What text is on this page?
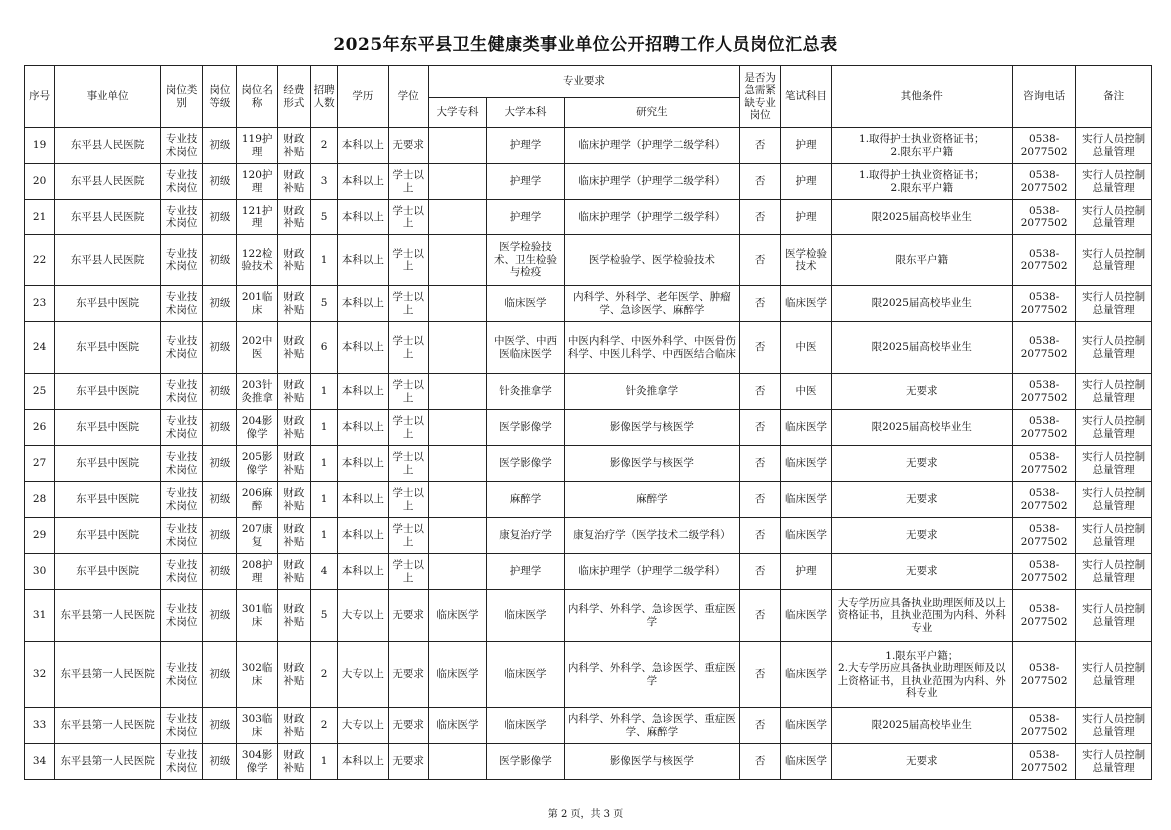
2025年东平县卫生健康类事业单位公开招聘工作人员岗位汇总表
序号	事业单位	岗位类别	岗位等级	岗位名称	经费形式	招聘人数	学历	学位	专业要求			是否为急需紧缺专业岗位	笔试科目	其他条件	咨询电话	备注
									大学专科	大学本科	研究生					
19	东平县人民医院	专业技术岗位	初级	119护理	财政补贴	2	本科以上	无要求		护理学	临床护理学（护理学二级学科）	否	护理	1.取得护士执业资格证书；
2.限东平户籍	0538-2077502	实行人员控制总量管理
20	东平县人民医院	专业技术岗位	初级	120护理	财政补贴	3	本科以上	学士以上		护理学	临床护理学（护理学二级学科）	否	护理	1.取得护士执业资格证书；
2.限东平户籍	0538-2077502	实行人员控制总量管理
21	东平县人民医院	专业技术岗位	初级	121护理	财政补贴	5	本科以上	学士以上		护理学	临床护理学（护理学二级学科）	否	护理	限2025届高校毕业生	0538-2077502	实行人员控制总量管理
22	东平县人民医院	专业技术岗位	初级	122检验技术	财政补贴	1	本科以上	学士以上		医学检验技术、卫生检验与检疫	医学检验学、医学检验技术	否	医学检验技术	限东平户籍	0538-2077502	实行人员控制总量管理
23	东平县中医院	专业技术岗位	初级	201临床	财政补贴	5	本科以上	学士以上		临床医学	内科学、外科学、老年医学、肿瘤学、急诊医学、麻醉学	否	临床医学	限2025届高校毕业生	0538-2077502	实行人员控制总量管理
24	东平县中医院	专业技术岗位	初级	202中医	财政补贴	6	本科以上	学士以上		中医学、中西医临床医学	中医内科学、中医外科学、中医骨伤科学、中医儿科学、中西医结合临床	否	中医	限2025届高校毕业生	0538-2077502	实行人员控制总量管理
25	东平县中医院	专业技术岗位	初级	203针灸推拿	财政补贴	1	本科以上	学士以上		针灸推拿学	针灸推拿学	否	中医	无要求	0538-2077502	实行人员控制总量管理
26	东平县中医院	专业技术岗位	初级	204影像学	财政补贴	1	本科以上	学士以上		医学影像学	影像医学与核医学	否	临床医学	限2025届高校毕业生	0538-2077502	实行人员控制总量管理
27	东平县中医院	专业技术岗位	初级	205影像学	财政补贴	1	本科以上	学士以上		医学影像学	影像医学与核医学	否	临床医学	无要求	0538-2077502	实行人员控制总量管理
28	东平县中医院	专业技术岗位	初级	206麻醉	财政补贴	1	本科以上	学士以上		麻醉学	麻醉学	否	临床医学	无要求	0538-2077502	实行人员控制总量管理
29	东平县中医院	专业技术岗位	初级	207康复	财政补贴	1	本科以上	学士以上		康复治疗学	康复治疗学（医学技术二级学科）	否	临床医学	无要求	0538-2077502	实行人员控制总量管理
30	东平县中医院	专业技术岗位	初级	208护理	财政补贴	4	本科以上	学士以上		护理学	临床护理学（护理学二级学科）	否	护理	无要求	0538-2077502	实行人员控制总量管理
31	东平县第一人民医院	专业技术岗位	初级	301临床	财政补贴	5	大专以上	无要求	临床医学	临床医学	内科学、外科学、急诊医学、重症医学	否	临床医学	大专学历应具备执业助理医师及以上资格证书，且执业范围为内科、外科专业	0538-2077502	实行人员控制总量管理
32	东平县第一人民医院	专业技术岗位	初级	302临床	财政补贴	2	大专以上	无要求	临床医学	临床医学	内科学、外科学、急诊医学、重症医学	否	临床医学	1.限东平户籍；
2.大专学历应具备执业助理医师及以上资格证书，且执业范围为内科、外科专业	0538-2077502	实行人员控制总量管理
33	东平县第一人民医院	专业技术岗位	初级	303临床	财政补贴	2	大专以上	无要求	临床医学	临床医学	内科学、外科学、急诊医学、重症医学、麻醉学	否	临床医学	限2025届高校毕业生	0538-2077502	实行人员控制总量管理
34	东平县第一人民医院	专业技术岗位	初级	304影像学	财政补贴	1	本科以上	无要求		医学影像学	影像医学与核医学	否	临床医学	无要求	0538-2077502	实行人员控制总量管理
第 2 页，共 3 页
